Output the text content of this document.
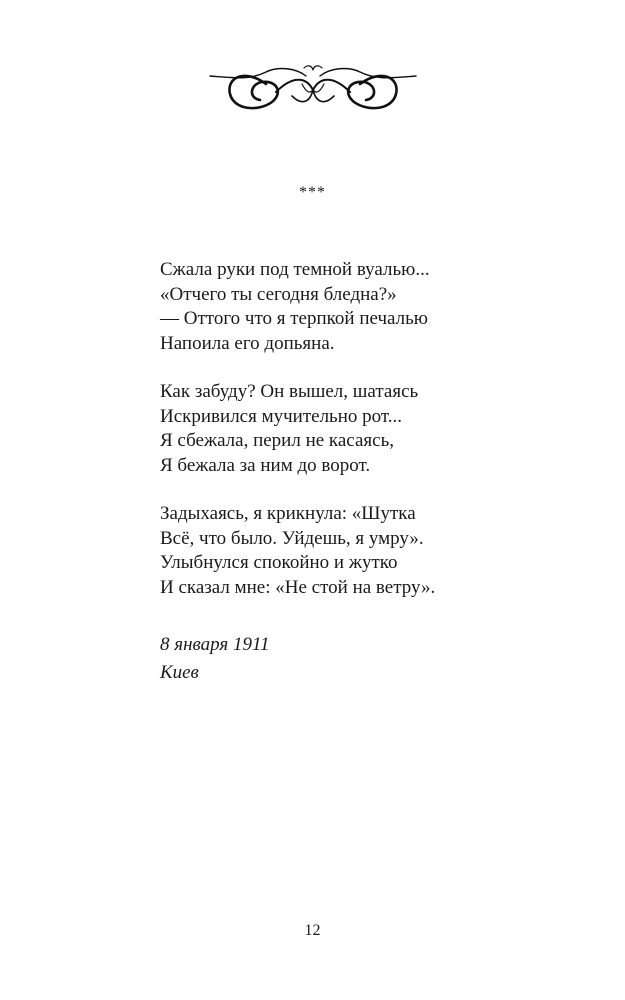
***
Сжала руки под темной вуалью...
«Отчего ты сегодня бледна?»
— Оттого что я терпкой печалью
Напоила его допьяна.
Как забуду? Он вышел, шатаясь
Искривился мучительно рот...
Я сбежала, перил не касаясь,
Я бежала за ним до ворот.
Задыхаясь, я крикнула: «Шутка
Всё, что было. Уйдешь, я умру».
Улыбнулся спокойно и жутко
И сказал мне: «Не стой на ветру».
8 января 1911
Киев
12
